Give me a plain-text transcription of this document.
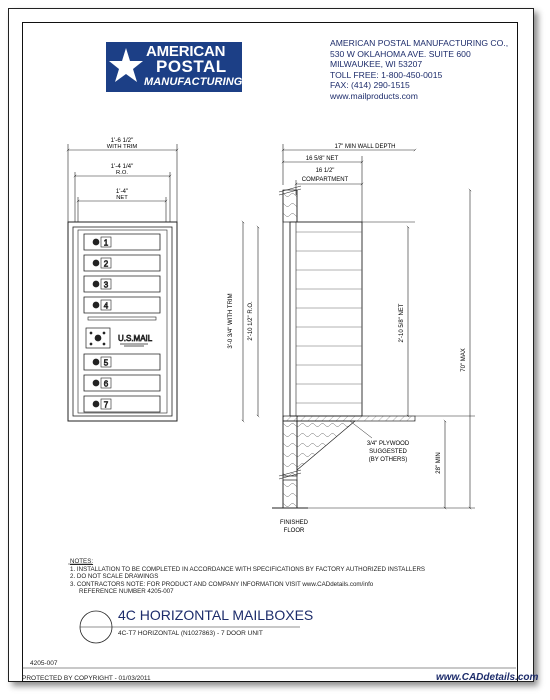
AMERICAN
POSTAL
MANUFACTURING
AMERICAN POSTAL MANUFACTURING CO.,
530 W OKLAHOMA AVE. SUITE 600
MILWAUKEE, WI 53207
TOLL FREE: 1-800-450-0015
FAX: (414) 290-1515
www.mailproducts.com
1'-6 1/2"
WITH TRIM
1'-4 1/4"
R.O.
1'-4"
NET
1
2
3
4
5
6
7
U.S.MAIL	3'-0 3/4" WITH TRIM 2'-10 1/2" R.O.
17" MIN WALL DEPTH
16 5/8" NET
16 1/2"
COMPARTMENT
2'-10 5/8" NET
70" MAX
28" MIN
3/4" PLYWOOD
SUGGESTED
(BY OTHERS)
FINISHED
FLOOR
NOTES:
1. INSTALLATION TO BE COMPLETED IN ACCORDANCE WITH SPECIFICATIONS BY FACTORY AUTHORIZED INSTALLERS
2. DO NOT SCALE DRAWINGS
3. CONTRACTORS NOTE: FOR PRODUCT AND COMPANY INFORMATION VISIT www.CADdetails.com/info
REFERENCE NUMBER 4205-007
4C HORIZONTAL MAILBOXES
4C-T7 HORIZONTAL (N1027863) - 7 DOOR UNIT
4205-007
PROTECTED BY COPYRIGHT - 01/03/2011	www.CADdetails.com
